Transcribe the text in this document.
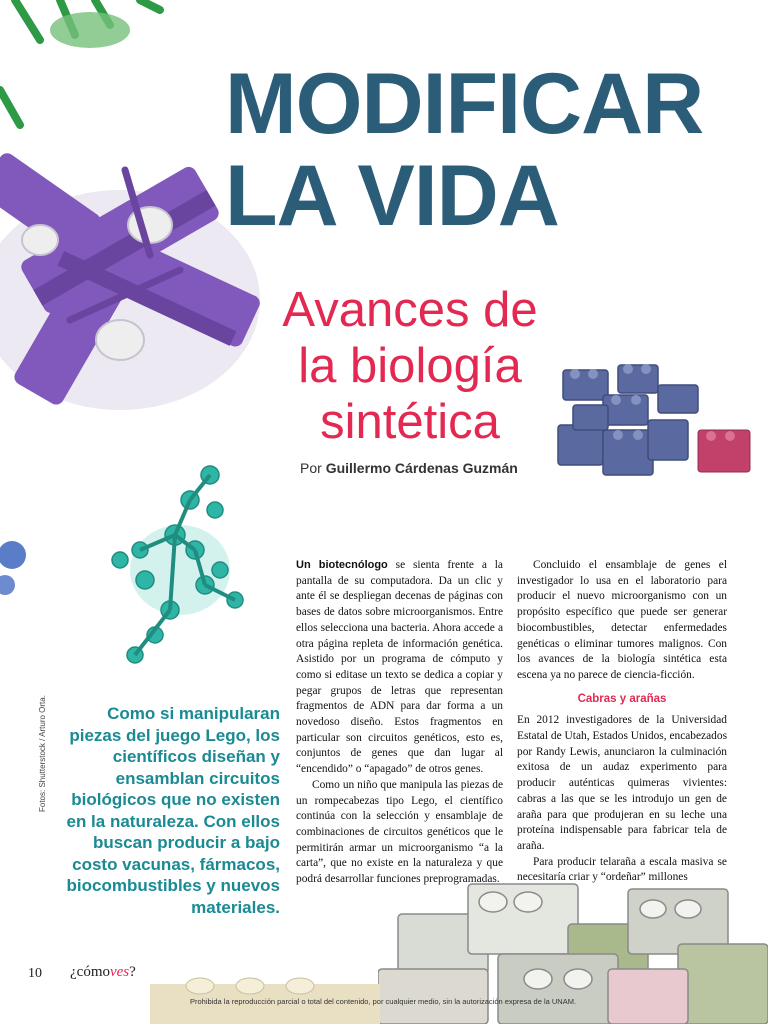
MODIFICAR
LA VIDA
Avances de
la biología
sintética
Por Guillermo Cárdenas Guzmán
Como si manipularan piezas del juego Lego, los científicos diseñan y ensamblan circuitos biológicos que no existen en la naturaleza. Con ellos buscan producir a bajo costo vacunas, fármacos, biocombustibles y nuevos materiales.
Fotos: Shutterstock / Arturo Orta.

Un biotecnólogo se sienta frente a la pantalla de su computadora. Da un clic y ante él se despliegan decenas de páginas con bases de datos sobre microorganismos. Entre ellos selecciona una bacteria. Ahora accede a otra página repleta de información genética. Asistido por un programa de cómputo y como si editase un texto se dedica a copiar y pegar grupos de letras que representan fragmentos de ADN para dar forma a un novedoso diseño. Estos fragmentos en particular son circuitos genéticos, esto es, conjuntos de genes que dan lugar al “encendido” o “apagado” de otros genes.

Como un niño que manipula las piezas de un rompecabezas tipo Lego, el científico continúa con la selección y ensamblaje de combinaciones de circuitos genéticos que le permitirán armar un microorganismo “a la carta”, que no existe en la naturaleza y que podrá desarrollar funciones preprogramadas.

Concluido el ensamblaje de genes el investigador lo usa en el laboratorio para producir el nuevo microorganismo con un propósito específico que puede ser generar biocombustibles, detectar enfermedades genéticas o eliminar tumores malignos. Con los avances de la biología sintética esta escena ya no parece de ciencia-ficción.

Cabras y arañas

En 2012 investigadores de la Universidad Estatal de Utah, Estados Unidos, encabezados por Randy Lewis, anunciaron la culminación exitosa de un audaz experimento para producir auténticas quimeras vivientes: cabras a las que se les introdujo un gen de araña para que produjeran en su leche una proteína indispensable para fabricar tela de araña.

Para producir telaraña a escala masiva se necesitaría criar y “ordeñar” millones

10 ¿cómoves?
Prohibida la reproducción parcial o total del contenido, por cualquier medio, sin la autorización expresa de la UNAM.
